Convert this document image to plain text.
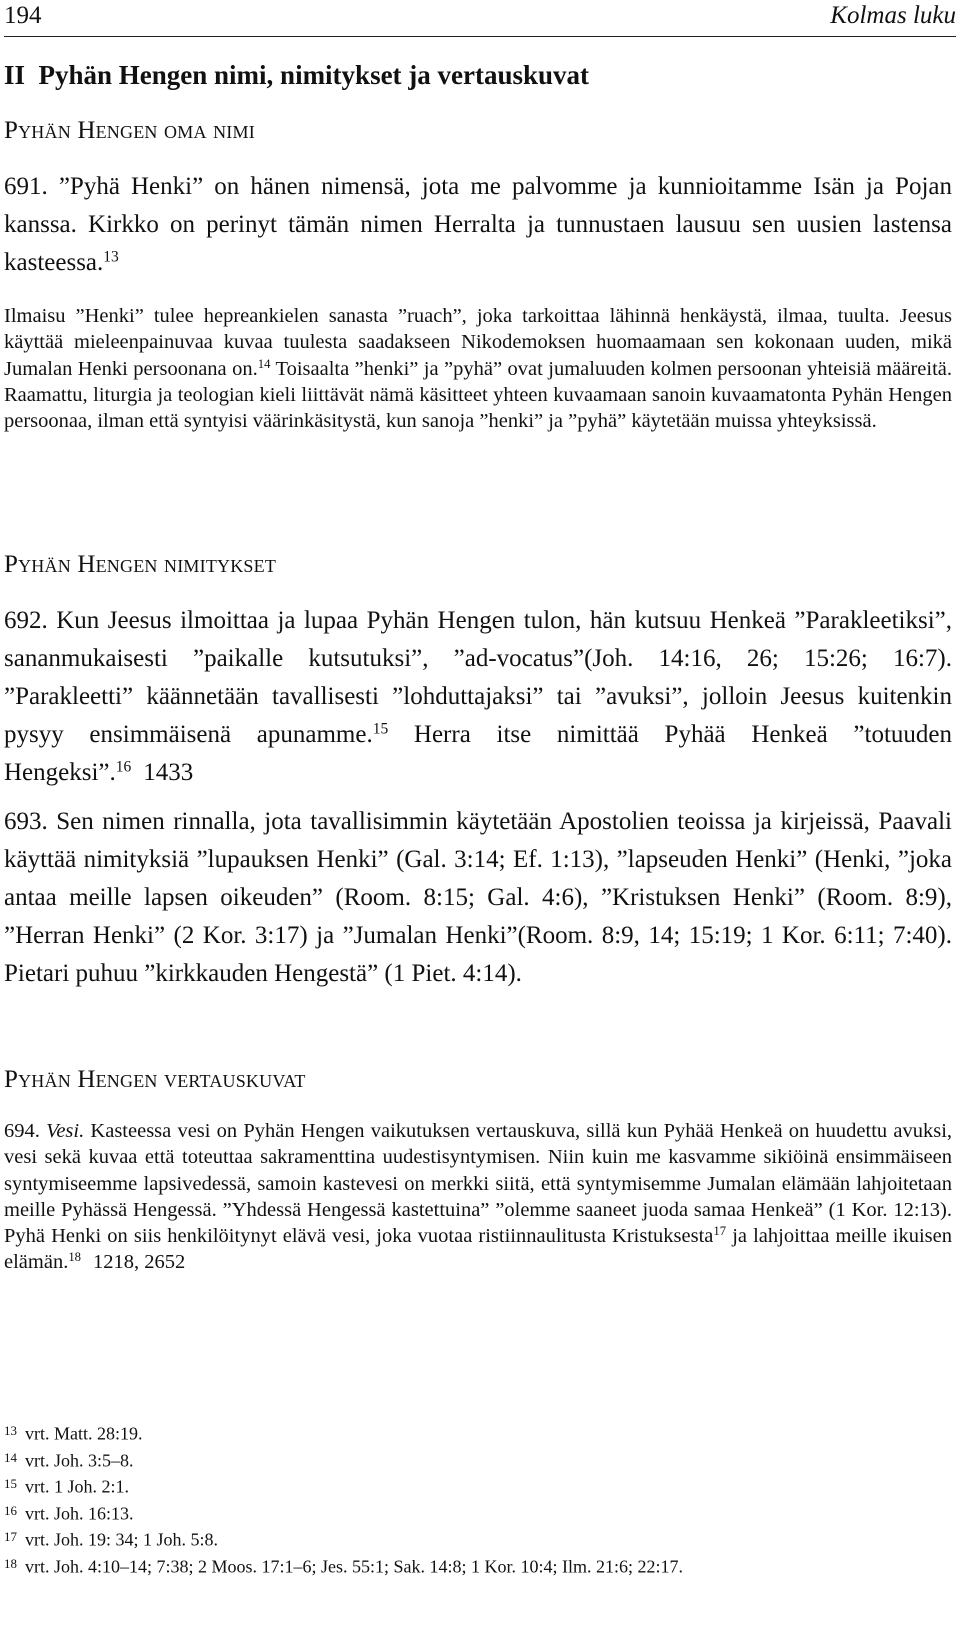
194	Kolmas luku
II  Pyhän Hengen nimi, nimitykset ja vertauskuvat
Pyhän Hengen oma nimi

691. ”Pyhä Henki” on hänen nimensä, jota me palvomme ja kunnioitamme Isän ja Pojan kanssa. Kirkko on perinyt tämän nimen Herralta ja tunnustaen lausuu sen uusien lastensa kasteessa.$^{13}$

Ilmaisu ”Henki” tulee hepreankielen sanasta ”ruach”, joka tarkoittaa lähinnä henkäystä, ilmaa, tuulta. Jeesus käyttää mieleenpainuvaa kuvaa tuulesta saadakseen Nikodemoksen huomaamaan sen kokonaan uuden, mikä Jumalan Henki persoonana on.$^{14}$ Toisaalta ”henki” ja ”pyhä” ovat jumaluuden kolmen persoonan yhteisiä määreitä. Raamattu, liturgia ja teologian kieli liittävät nämä käsitteet yhteen kuvaamaan sanoin kuvaamatonta Pyhän Hengen persoonaa, ilman että syntyisi väärinkäsitystä, kun sanoja ”henki” ja ”pyhä” käytetään muissa yhteyksissä.

Pyhän Hengen nimitykset

692. Kun Jeesus ilmoittaa ja lupaa Pyhän Hengen tulon, hän kutsuu Henkeä ”Parakleetiksi”, sananmukaisesti ”paikalle kutsutuksi”, ”ad-vocatus”(Joh. 14:16, 26; 15:26; 16:7). ”Parakleetti” käännetään tavallisesti ”lohduttajaksi” tai ”avuksi”, jolloin Jeesus kuitenkin pysyy ensimmäisenä apunamme.$^{15}$ Herra itse nimittää Pyhää Henkeä ”totuuden Hengeksi”.$^{16}$ 1433

693. Sen nimen rinnalla, jota tavallisimmin käytetään Apostolien teoissa ja kirjeissä, Paavali käyttää nimityksiä ”lupauksen Henki” (Gal. 3:14; Ef. 1:13), ”lapseuden Henki” (Henki, ”joka antaa meille lapsen oikeuden” (Room. 8:15; Gal. 4:6), ”Kristuksen Henki” (Room. 8:9), ”Herran Henki” (2 Kor. 3:17) ja ”Jumalan Henki”(Room. 8:9, 14; 15:19; 1 Kor. 6:11; 7:40). Pietari puhuu ”kirkkauden Hengestä” (1 Piet. 4:14).

Pyhän Hengen vertauskuvat

694. Vesi. Kasteessa vesi on Pyhän Hengen vaikutuksen vertauskuva, sillä kun Pyhää Henkeä on huudettu avuksi, vesi sekä kuvaa että toteuttaa sakramenttina uudestisyntymisen. Niin kuin me kasvamme sikiöinä ensimmäiseen syntymiseemme lapsivedessä, samoin kastevesi on merkki siitä, että syntymisemme Jumalan elämään lahjoitetaan meille Pyhässä Hengessä. ”Yhdessä Hengessä kastettuina” ”olemme saaneet juoda samaa Henkeä” (1 Kor. 12:13). Pyhä Henki on siis henkilöitynyt elävä vesi, joka vuotaa ristiinnaulitusta Kristuksesta$^{17}$ ja lahjoittaa meille ikuisen elämän.$^{18}$ 1218, 2652

$^{13}$ vrt. Matt. 28:19.
$^{14}$ vrt. Joh. 3:5–8.
$^{15}$ vrt. 1 Joh. 2:1.
$^{16}$ vrt. Joh. 16:13.
$^{17}$ vrt. Joh. 19: 34; 1 Joh. 5:8.
$^{18}$ vrt. Joh. 4:10–14; 7:38; 2 Moos. 17:1–6; Jes. 55:1; Sak. 14:8; 1 Kor. 10:4; Ilm. 21:6; 22:17.
